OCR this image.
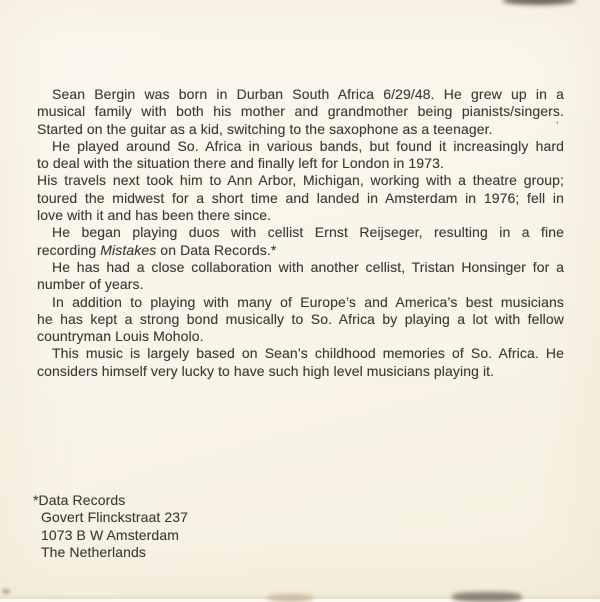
Sean Bergin was born in Durban South Africa 6/29/48. He grew up in a
musical family with both his mother and grandmother being pianists/singers.
Started on the guitar as a kid, switching to the saxophone as a teenager.
He played around So. Africa in various bands, but found it increasingly hard
to deal with the situation there and finally left for London in 1973.
His travels next took him to Ann Arbor, Michigan, working with a theatre group;
toured the midwest for a short time and landed in Amsterdam in 1976; fell in
love with it and has been there since.
He began playing duos with cellist Ernst Reijseger, resulting in a fine
recording Mistakes on Data Records.*
He has had a close collaboration with another cellist, Tristan Honsinger for a
number of years.
In addition to playing with many of Europe’s and America’s best musicians
he has kept a strong bond musically to So. Africa by playing a lot with fellow
countryman Louis Moholo.
This music is largely based on Sean’s childhood memories of So. Africa. He
considers himself very lucky to have such high level musicians playing it.
’
*Data Records
Govert Flinckstraat 237
1073 B W Amsterdam
The Netherlands
